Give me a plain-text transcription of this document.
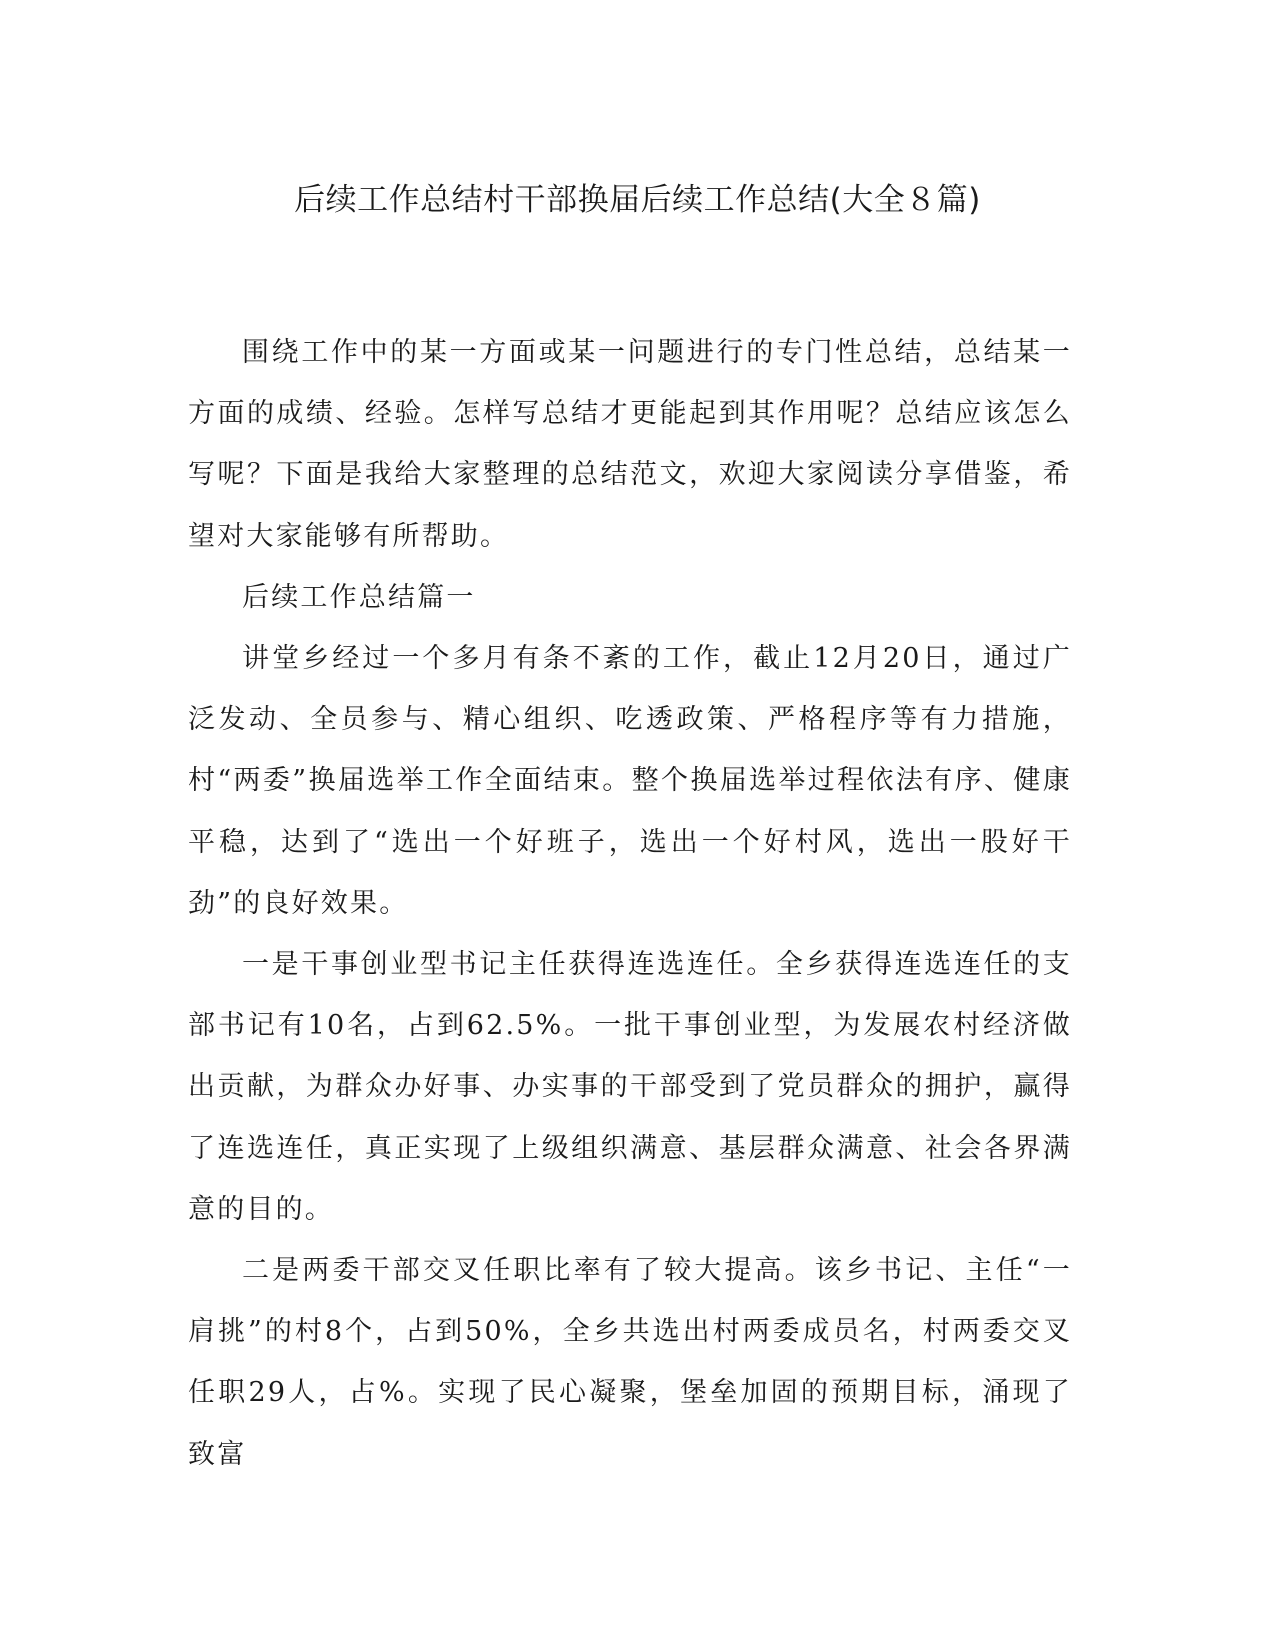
后续工作总结村干部换届后续工作总结(大全８篇)

围绕工作中的某一方面或某一问题进行的专门性总结，总结某一方面的成绩、经验。怎样写总结才更能起到其作用呢？总结应该怎么写呢？下面是我给大家整理的总结范文，欢迎大家阅读分享借鉴，希望对大家能够有所帮助。

后续工作总结篇一

讲堂乡经过一个多月有条不紊的工作，截止12月20日，通过广泛发动、全员参与、精心组织、吃透政策、严格程序等有力措施，村“两委”换届选举工作全面结束。整个换届选举过程依法有序、健康平稳，达到了“选出一个好班子，选出一个好村风，选出一股好干劲”的良好效果。

一是干事创业型书记主任获得连选连任。全乡获得连选连任的支部书记有10名，占到62.5%。一批干事创业型，为发展农村经济做出贡献，为群众办好事、办实事的干部受到了党员群众的拥护，赢得了连选连任，真正实现了上级组织满意、基层群众满意、社会各界满意的目的。

二是两委干部交叉任职比率有了较大提高。该乡书记、主任“一肩挑”的村8个，占到50%，全乡共选出村两委成员名，村两委交叉任职29人，占%。实现了民心凝聚，堡垒加固的预期目标，涌现了致富
